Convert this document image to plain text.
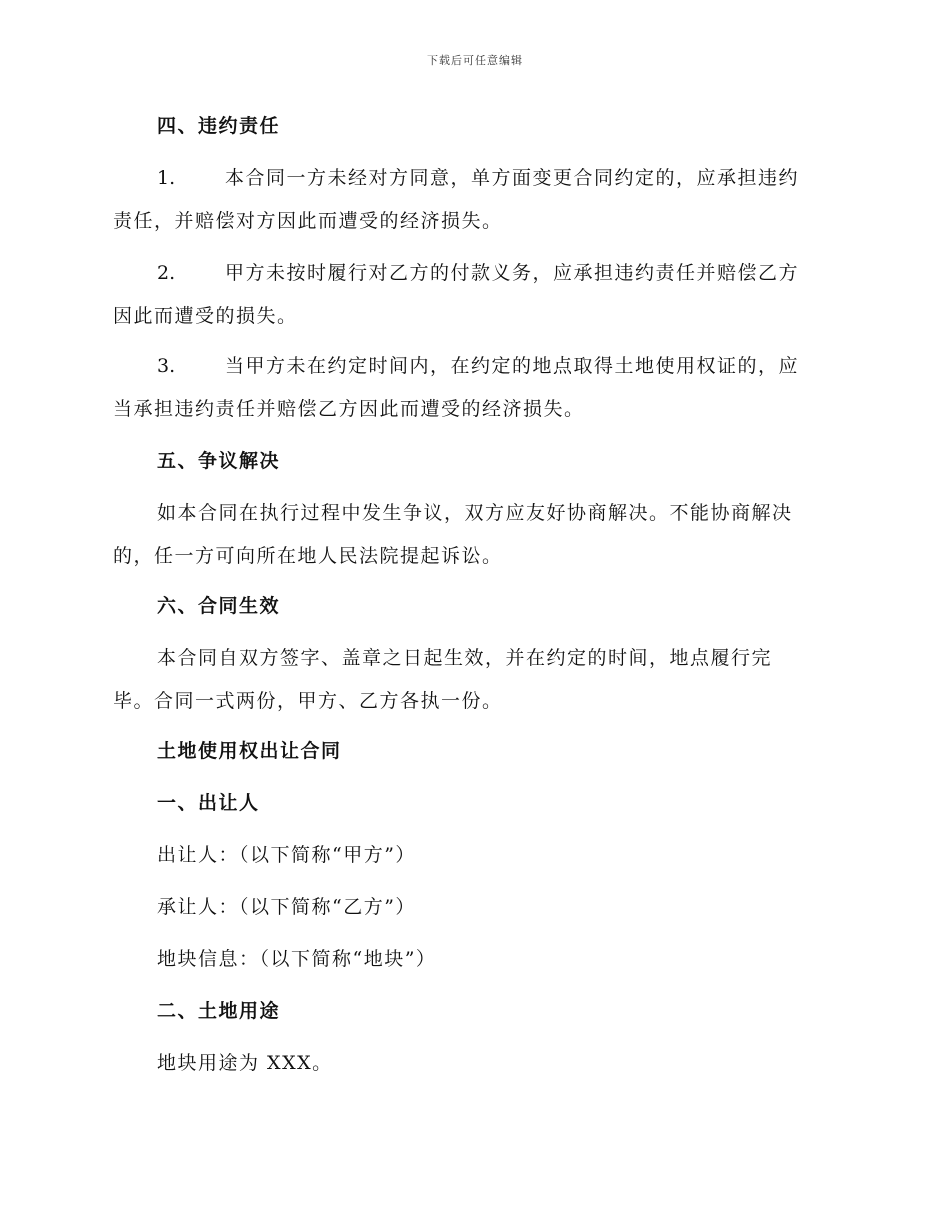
下载后可任意编辑
四、违约责任
1.	本合同一方未经对方同意，单方面变更合同约定的，应承担违约
责任，并赔偿对方因此而遭受的经济损失。
2.	甲方未按时履行对乙方的付款义务，应承担违约责任并赔偿乙方
因此而遭受的损失。
3.	当甲方未在约定时间内，在约定的地点取得土地使用权证的，应
当承担违约责任并赔偿乙方因此而遭受的经济损失。
五、争议解决
如本合同在执行过程中发生争议，双方应友好协商解决。不能协商解决
的，任一方可向所在地人民法院提起诉讼。
六、合同生效
本合同自双方签字、盖章之日起生效，并在约定的时间，地点履行完
毕。合同一式两份，甲方、乙方各执一份。
土地使用权出让合同
一、出让人
出让人：（以下简称“甲方”）
承让人：（以下简称“乙方”）
地块信息：（以下简称“地块”）
二、土地用途
地块用途为 XXX。
